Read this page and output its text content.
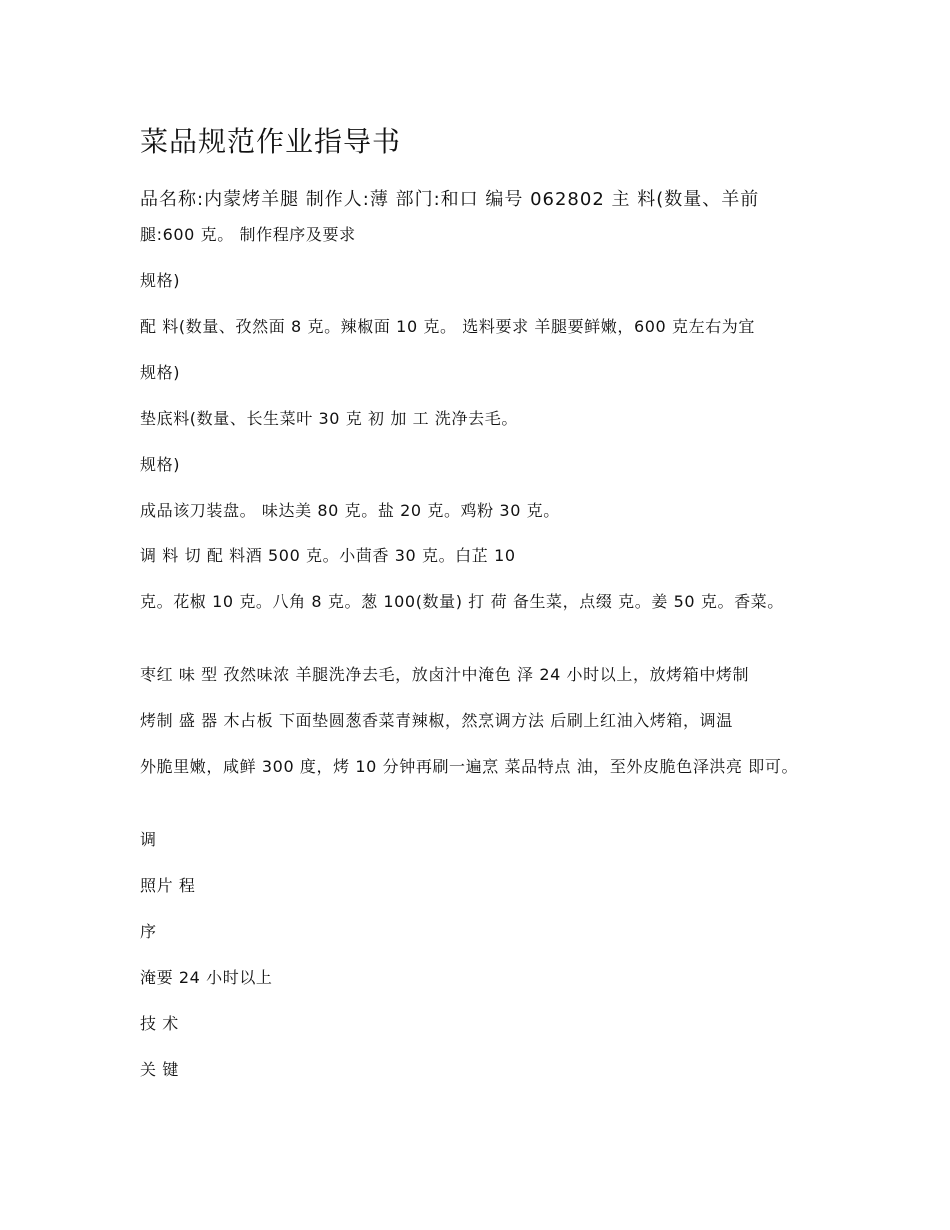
菜品规范作业指导书
品名称:内蒙烤羊腿 制作人:薄 部门:和口 编号 062802 主 料(数量、羊前
腿:600 克。 制作程序及要求
规格)
配 料(数量、孜然面 8 克。辣椒面 10 克。 选料要求 羊腿要鲜嫩，600 克左右为宜
规格)
垫底料(数量、长生菜叶 30 克 初 加 工 洗净去毛。
规格)
成品该刀装盘。 味达美 80 克。盐 20 克。鸡粉 30 克。
调 料 切 配 料酒 500 克。小茴香 30 克。白芷 10
克。花椒 10 克。八角 8 克。葱 100(数量) 打 荷 备生菜，点缀 克。姜 50 克。香菜。
枣红 味 型 孜然味浓 羊腿洗净去毛，放卤汁中淹色 泽 24 小时以上，放烤箱中烤制
烤制 盛 器 木占板 下面垫圆葱香菜青辣椒，然烹调方法 后刷上红油入烤箱，调温
外脆里嫩，咸鲜 300 度，烤 10 分钟再刷一遍烹 菜品特点 油，至外皮脆色泽洪亮 即可。
调
照片 程
序
淹要 24 小时以上
技 术
关 键
